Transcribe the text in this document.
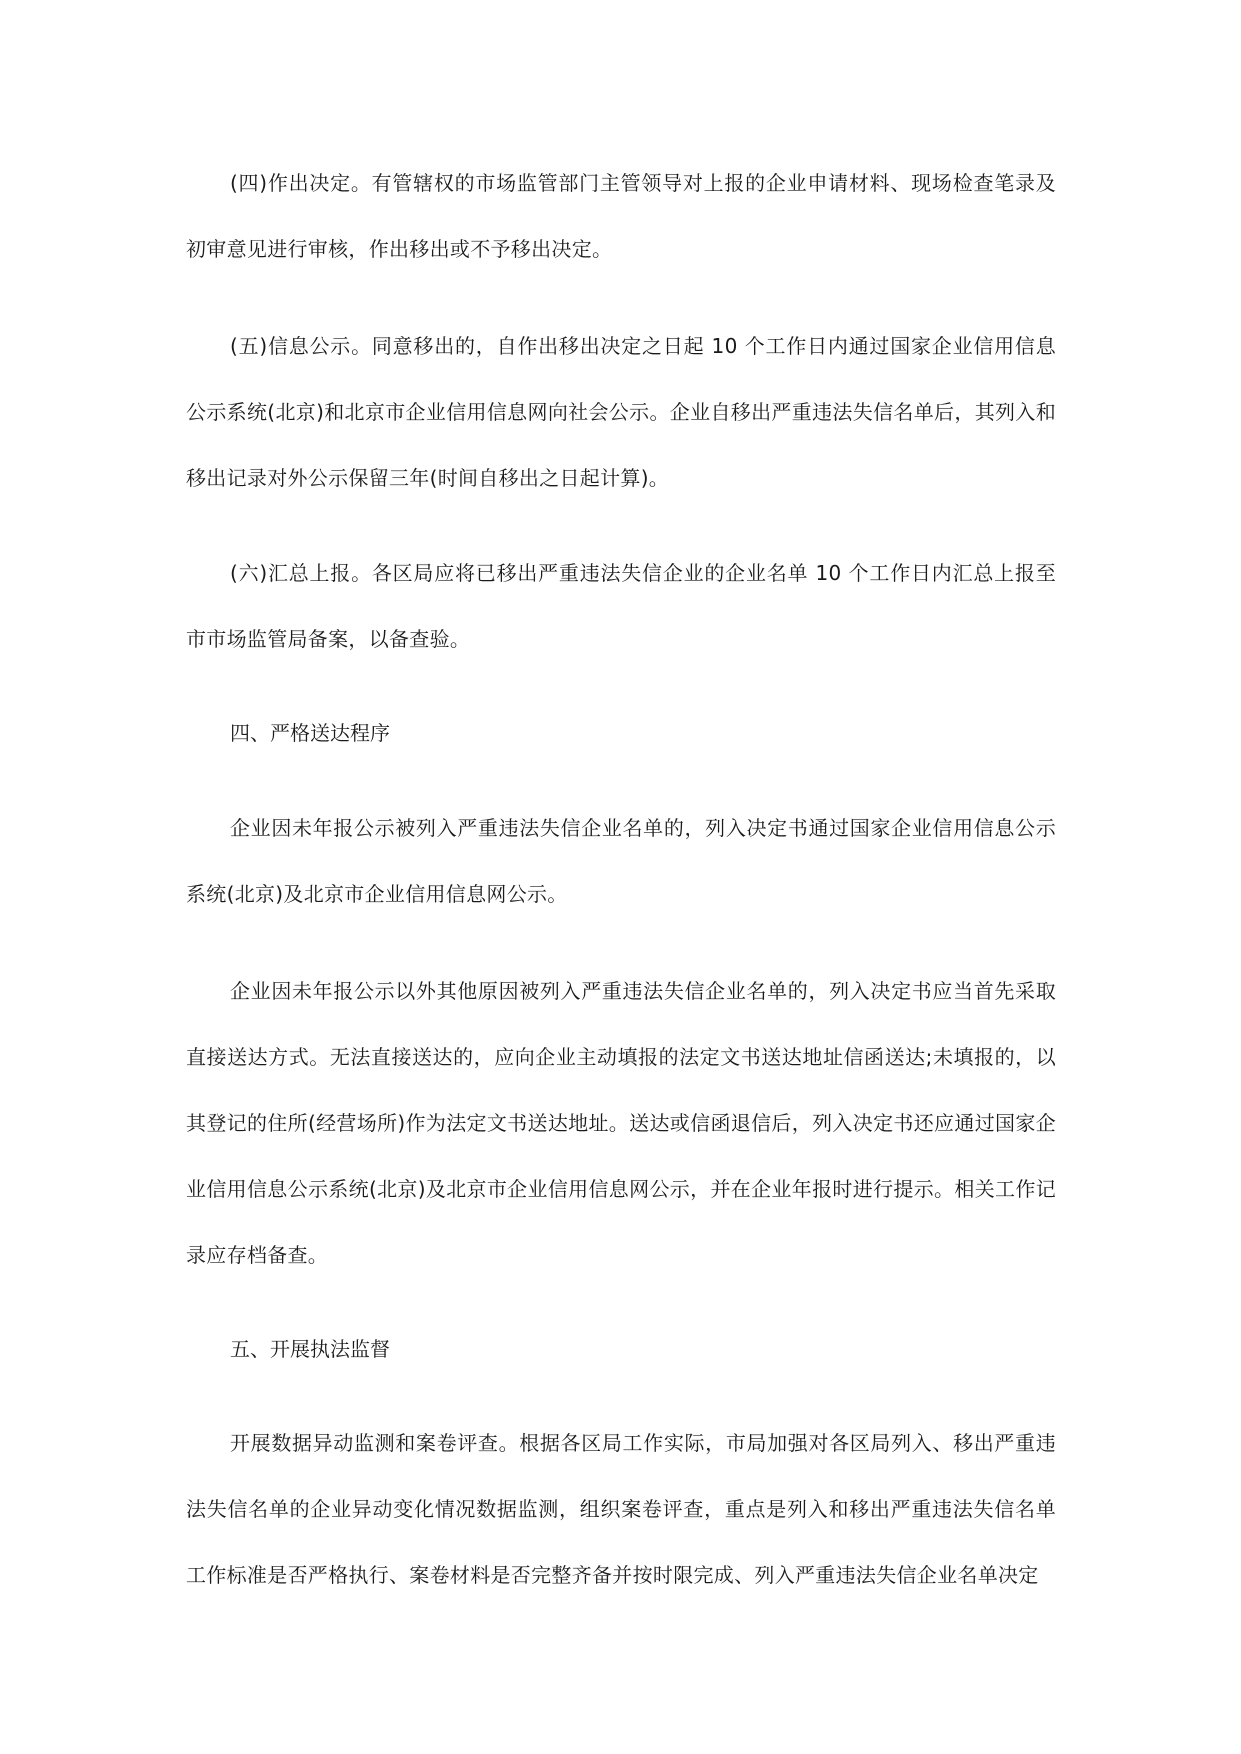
(四)作出决定。有管辖权的市场监管部门主管领导对上报的企业申请材料、现场检查笔录及初审意见进行审核，作出移出或不予移出决定。

(五)信息公示。同意移出的，自作出移出决定之日起 10 个工作日内通过国家企业信用信息公示系统(北京)和北京市企业信用信息网向社会公示。企业自移出严重违法失信名单后，其列入和移出记录对外公示保留三年(时间自移出之日起计算)。

(六)汇总上报。各区局应将已移出严重违法失信企业的企业名单 10 个工作日内汇总上报至市市场监管局备案，以备查验。

四、严格送达程序

企业因未年报公示被列入严重违法失信企业名单的，列入决定书通过国家企业信用信息公示系统(北京)及北京市企业信用信息网公示。

企业因未年报公示以外其他原因被列入严重违法失信企业名单的，列入决定书应当首先采取直接送达方式。无法直接送达的，应向企业主动填报的法定文书送达地址信函送达;未填报的，以其登记的住所(经营场所)作为法定文书送达地址。送达或信函退信后，列入决定书还应通过国家企业信用信息公示系统(北京)及北京市企业信用信息网公示，并在企业年报时进行提示。相关工作记录应存档备查。

五、开展执法监督

开展数据异动监测和案卷评查。根据各区局工作实际，市局加强对各区局列入、移出严重违法失信名单的企业异动变化情况数据监测，组织案卷评查，重点是列入和移出严重违法失信名单工作标准是否严格执行、案卷材料是否完整齐备并按时限完成、列入严重违法失信企业名单决定
